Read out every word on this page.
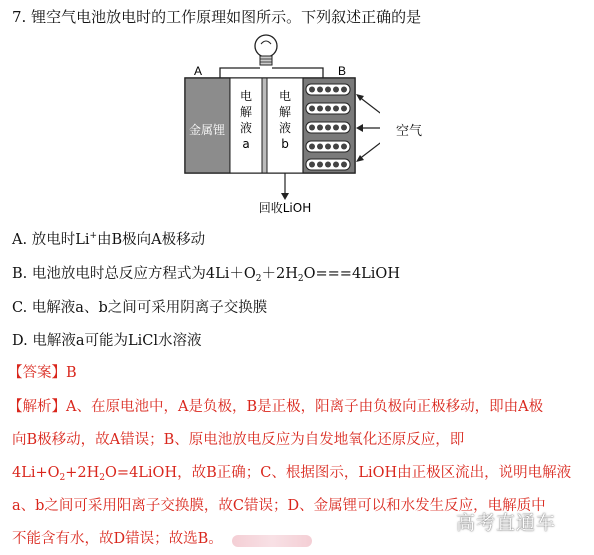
7. 锂空气电池放电时的工作原理如图所示。下列叙述正确的是
A	B
金属锂
电
解
液
a
电
解
液
b
回收LiOH
空气
A. 放电时Li+由B极向A极移动
B. 电池放电时总反应方程式为$4Li+O_2+2H_2O===4LiOH$
C. 电解液a、b之间可采用阴离子交换膜
D. 电解液a可能为LiCl水溶液
【答案】B
【解析】A、在原电池中，A是负极，B是正极，阳离子由负极向正极移动，即由A极
向B极移动，故A错误；B、原电池放电反应为自发地氧化还原反应，即
$4Li+O_2+2H_2O=4LiOH$，故B正确；C、根据图示，LiOH由正极区流出，说明电解液
a、b之间可采用阳离子交换膜，故C错误；D、金属锂可以和水发生反应，电解质中
不能含有水，故D错误；故选B。
高考直通车
